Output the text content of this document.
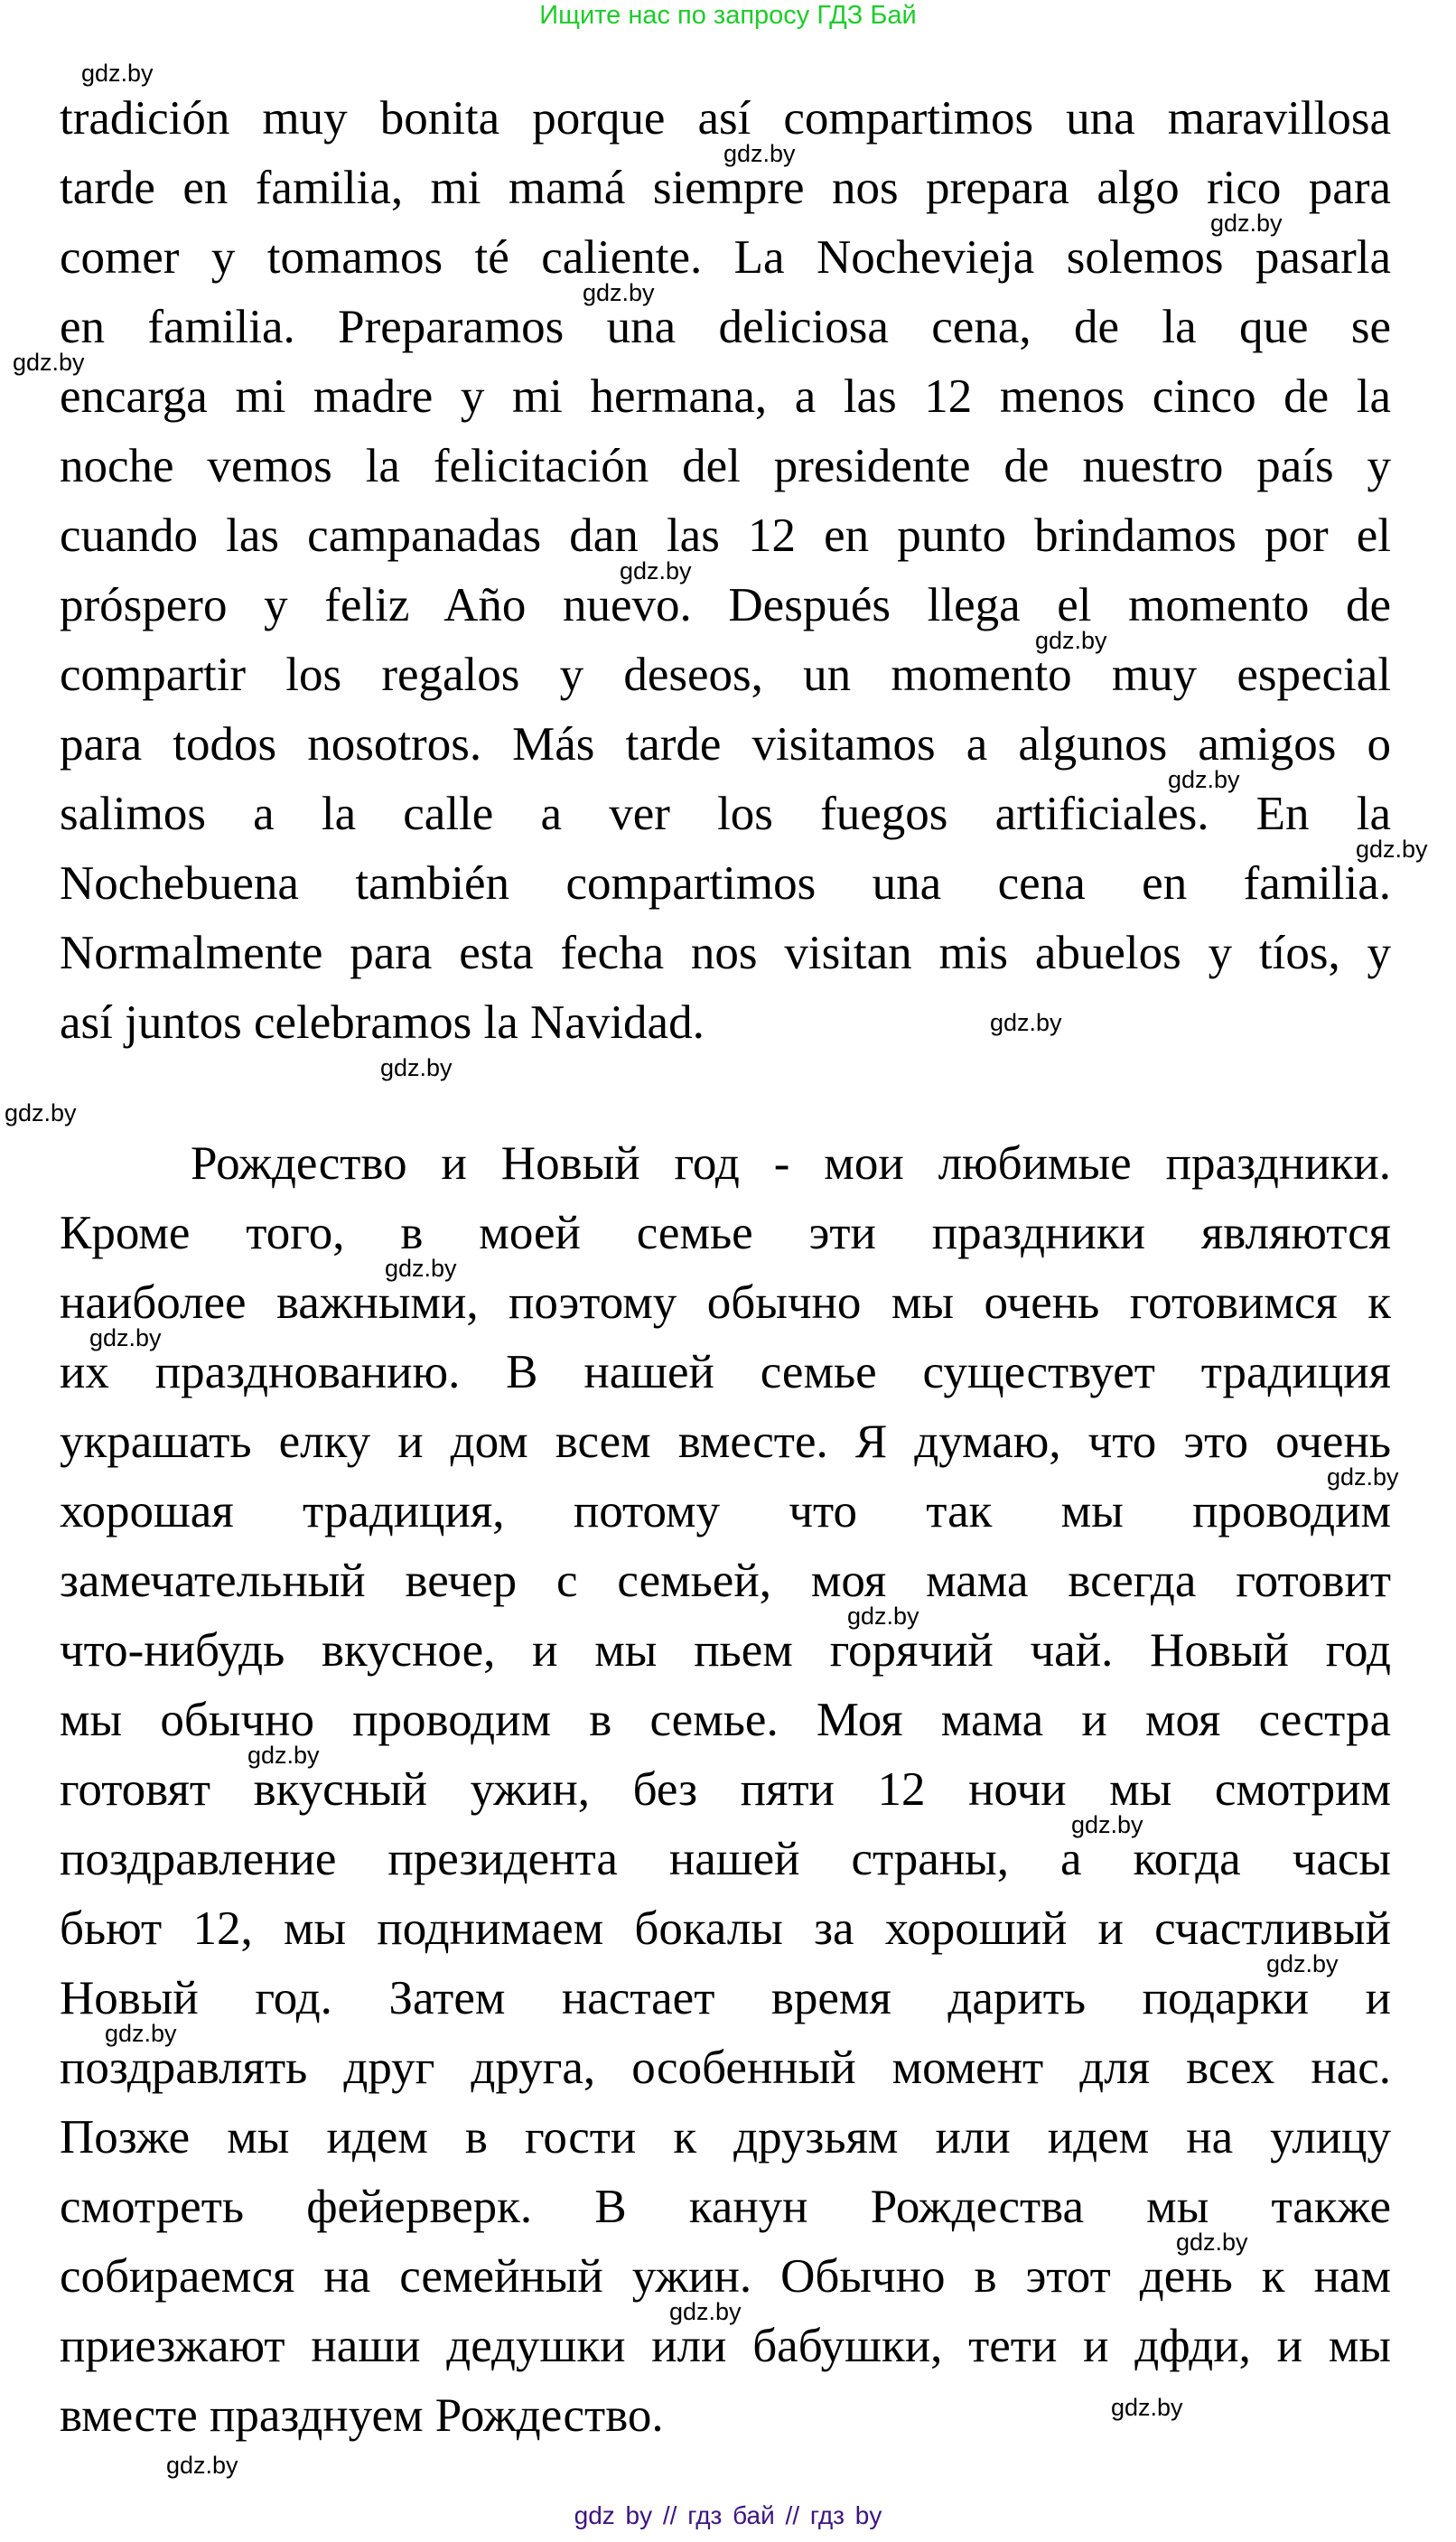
Ищите нас по запросу ГДЗ Бай
tradición muy bonita porque así compartimos una maravillosa
tarde en familia, mi mamá siempre nos prepara algo rico para
comer y tomamos té caliente. La Nochevieja solemos pasarla
en familia. Preparamos una deliciosa cena, de la que se
encarga mi madre y mi hermana, a las 12 menos cinco de la
noche vemos la felicitación del presidente de nuestro país y
cuando las campanadas dan las 12 en punto brindamos por el
próspero y feliz Año nuevo. Después llega el momento de
compartir los regalos y deseos, un momento muy especial
para todos nosotros. Más tarde visitamos a algunos amigos o
salimos a la calle a ver los fuegos artificiales. En la
Nochebuena también compartimos una cena en familia.
Normalmente para esta fecha nos visitan mis abuelos y tíos, y
así juntos celebramos la Navidad.
Рождество и Новый год - мои любимые праздники.
Кроме того, в моей семье эти праздники являются
наиболее важными, поэтому обычно мы очень готовимся к
их празднованию. В нашей семье существует традиция
украшать елку и дом всем вместе. Я думаю, что это очень
хорошая традиция, потому что так мы проводим
замечательный вечер с семьей, моя мама всегда готовит
что-нибудь вкусное, и мы пьем горячий чай. Новый год
мы обычно проводим в семье. Моя мама и моя сестра
готовят вкусный ужин, без пяти 12 ночи мы смотрим
поздравление президента нашей страны, а когда часы
бьют 12, мы поднимаем бокалы за хороший и счастливый
Новый год. Затем настает время дарить подарки и
поздравлять друг друга, особенный момент для всех нас.
Позже мы идем в гости к друзьям или идем на улицу
смотреть фейерверк. В канун Рождества мы также
собираемся на семейный ужин. Обычно в этот день к нам
приезжают наши дедушки или бабушки, тети и дфди, и мы
вместе празднуем Рождество.
gdz.by
gdz.by
gdz.by
gdz.by
gdz.by
gdz.by
gdz.by
gdz.by
gdz.by
gdz.by
gdz.by
gdz.by
gdz.by
gdz.by
gdz.by
gdz.by
gdz.by
gdz.by
gdz.by
gdz.by
gdz.by
gdz.by
gdz.by
gdz.by
gdz by // гдз бай // гдз by
